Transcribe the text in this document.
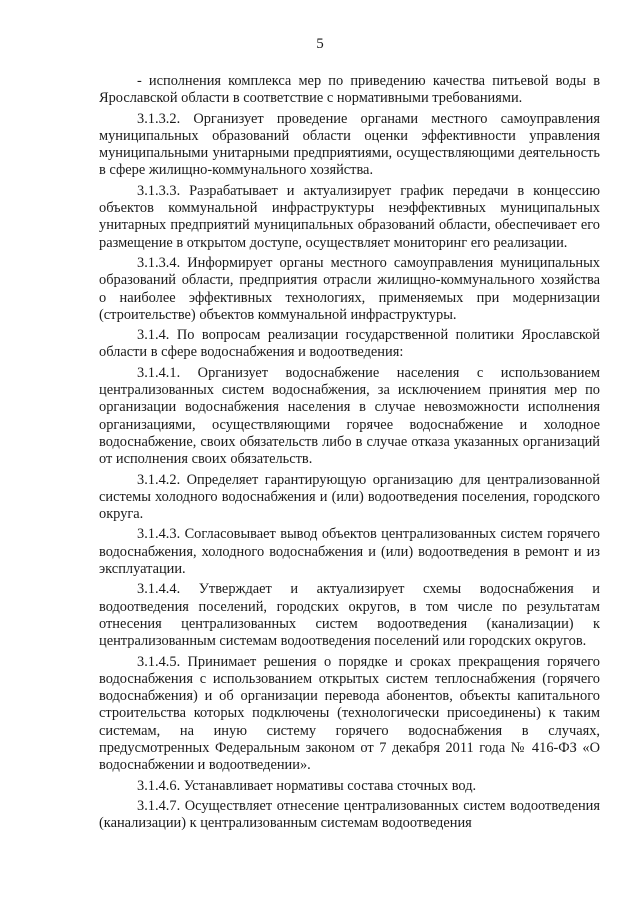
5

- исполнения комплекса мер по приведению качества питьевой воды в Ярославской области в соответствие с нормативными требованиями.

3.1.3.2. Организует проведение органами местного самоуправления муниципальных образований области оценки эффективности управления муниципальными унитарными предприятиями, осуществляющими деятельность в сфере жилищно-коммунального хозяйства.

3.1.3.3. Разрабатывает и актуализирует график передачи в концессию объектов коммунальной инфраструктуры неэффективных муниципальных унитарных предприятий муниципальных образований области, обеспечивает его размещение в открытом доступе, осуществляет мониторинг его реализации.

3.1.3.4. Информирует органы местного самоуправления муниципальных образований области, предприятия отрасли жилищно-коммунального хозяйства о наиболее эффективных технологиях, применяемых при модернизации (строительстве) объектов коммунальной инфраструктуры.

3.1.4. По вопросам реализации государственной политики Ярославской области в сфере водоснабжения и водоотведения:

3.1.4.1. Организует водоснабжение населения с использованием централизованных систем водоснабжения, за исключением принятия мер по организации водоснабжения населения в случае невозможности исполнения организациями, осуществляющими горячее водоснабжение и холодное водоснабжение, своих обязательств либо в случае отказа указанных организаций от исполнения своих обязательств.

3.1.4.2. Определяет гарантирующую организацию для централизованной системы холодного водоснабжения и (или) водоотведения поселения, городского округа.

3.1.4.3. Согласовывает вывод объектов централизованных систем горячего водоснабжения, холодного водоснабжения и (или) водоотведения в ремонт и из эксплуатации.

3.1.4.4. Утверждает и актуализирует схемы водоснабжения и водоотведения поселений, городских округов, в том числе по результатам отнесения централизованных систем водоотведения (канализации) к централизованным системам водоотведения поселений или городских округов.

3.1.4.5. Принимает решения о порядке и сроках прекращения горячего водоснабжения с использованием открытых систем теплоснабжения (горячего водоснабжения) и об организации перевода абонентов, объекты капитального строительства которых подключены (технологически присоединены) к таким системам, на иную систему горячего водоснабжения в случаях, предусмотренных Федеральным законом от 7 декабря 2011 года № 416-ФЗ «О водоснабжении и водоотведении».

3.1.4.6. Устанавливает нормативы состава сточных вод.

3.1.4.7. Осуществляет отнесение централизованных систем водоотведения (канализации) к централизованным системам водоотведения
